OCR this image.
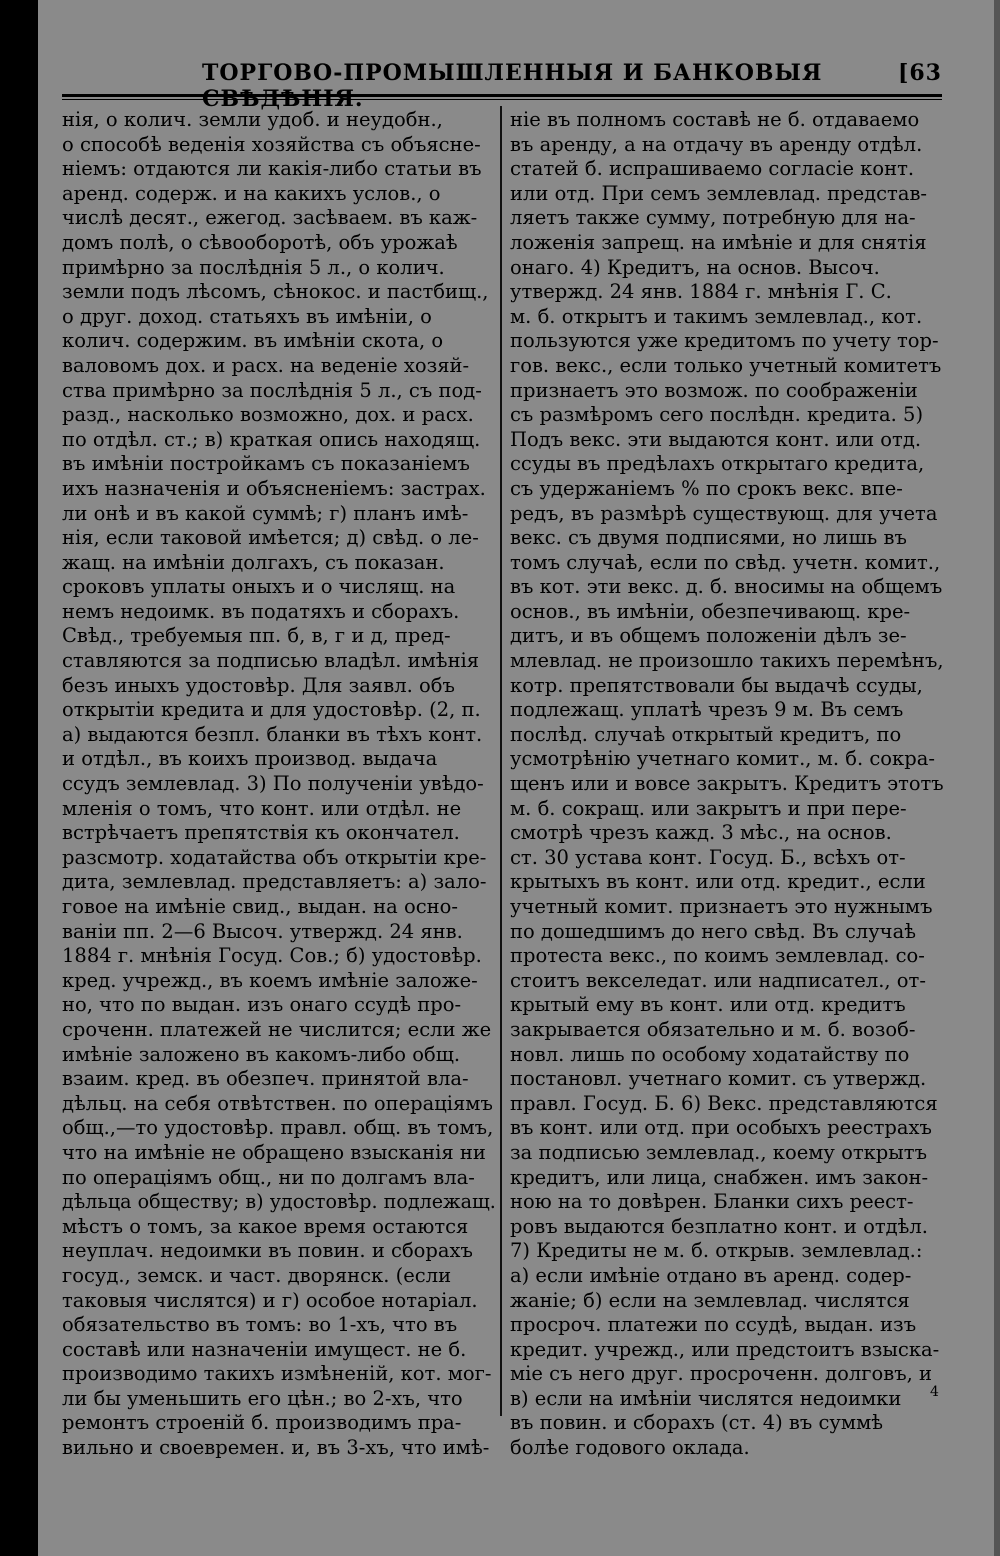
ТОРГОВО-ПРОМЫШЛЕННЫЯ И БАНКОВЫЯ СВѢДѢНІЯ.
[63
нія, о колич. земли удоб. и неудобн.,
о способѣ веденія хозяйства съ объясне-
ніемъ: отдаются ли какія-либо статьи въ
аренд. содерж. и на какихъ услов., о
числѣ десят., ежегод. засѣваем. въ каж-
домъ полѣ, о сѣвооборотѣ, объ урожаѣ
примѣрно за послѣднія 5 л., о колич.
земли подъ лѣсомъ, сѣнокос. и пастбищ.,
о друг. доход. статьяхъ въ имѣніи, о
колич. содержим. въ имѣніи скота, о
валовомъ дох. и расх. на веденіе хозяй-
ства примѣрно за послѣднія 5 л., съ под-
разд., насколько возможно, дох. и расх.
по отдѣл. ст.; в) краткая опись находящ.
въ имѣніи постройкамъ съ показаніемъ
ихъ назначенія и объясненіемъ: застрах.
ли онѣ и въ какой суммѣ; г) планъ имѣ-
нія, если таковой имѣется; д) свѣд. о ле-
жащ. на имѣніи долгахъ, съ показан.
сроковъ уплаты оныхъ и о числящ. на
немъ недоимк. въ податяхъ и сборахъ.
Свѣд., требуемыя пп. б, в, г и д, пред-
ставляются за подписью владѣл. имѣнія
безъ иныхъ удостовѣр. Для заявл. объ
открытіи кредита и для удостовѣр. (2, п.
а) выдаются безпл. бланки въ тѣхъ конт.
и отдѣл., въ коихъ производ. выдача
ссудъ землевлад. 3) По полученіи увѣдо-
мленія о томъ, что конт. или отдѣл. не
встрѣчаетъ препятствія къ окончател.
разсмотр. ходатайства объ открытіи кре-
дита, землевлад. представляетъ: а) зало-
говое на имѣніе свид., выдан. на осно-
ваніи пп. 2—6 Высоч. утвержд. 24 янв.
1884 г. мнѣнія Госуд. Сов.; б) удостовѣр.
кред. учрежд., въ коемъ имѣніе заложе-
но, что по выдан. изъ онаго ссудѣ про-
сроченн. платежей не числится; если же
имѣніе заложено въ какомъ-либо общ.
взаим. кред. въ обезпеч. принятой вла-
дѣльц. на себя отвѣтствен. по операціямъ
общ.,—то удостовѣр. правл. общ. въ томъ,
что на имѣніе не обращено взысканія ни
по операціямъ общ., ни по долгамъ вла-
дѣльца обществу; в) удостовѣр. подлежащ.
мѣстъ о томъ, за какое время остаются
неуплач. недоимки въ повин. и сборахъ
госуд., земск. и част. дворянск. (если
таковыя числятся) и г) особое нотаріал.
обязательство въ томъ: во 1-хъ, что въ
составѣ или назначеніи имущест. не б.
производимо такихъ измѣненій, кот. мог-
ли бы уменьшить его цѣн.; во 2-хъ, что
ремонтъ строеній б. производимъ пра-
вильно и своевремен. и, въ 3-хъ, что имѣ-
ніе въ полномъ составѣ не б. отдаваемо
въ аренду, а на отдачу въ аренду отдѣл.
статей б. испрашиваемо согласіе конт.
или отд. При семъ землевлад. представ-
ляетъ также сумму, потребную для на-
ложенія запрещ. на имѣніе и для снятія
онаго. 4) Кредитъ, на основ. Высоч.
утвержд. 24 янв. 1884 г. мнѣнія Г. С.
м. б. открытъ и такимъ землевлад., кот.
пользуются уже кредитомъ по учету тор-
гов. векс., если только учетный комитетъ
признаетъ это возмож. по соображеніи
съ размѣромъ сего послѣдн. кредита. 5)
Подъ векс. эти выдаются конт. или отд.
ссуды въ предѣлахъ открытаго кредита,
съ удержаніемъ % по срокъ векс. впе-
редъ, въ размѣрѣ существующ. для учета
векс. съ двумя подписями, но лишь въ
томъ случаѣ, если по свѣд. учетн. комит.,
въ кот. эти векс. д. б. вносимы на общемъ
основ., въ имѣніи, обезпечивающ. кре-
дитъ, и въ общемъ положеніи дѣлъ зе-
млевлад. не произошло такихъ перемѣнъ,
котр. препятствовали бы выдачѣ ссуды,
подлежащ. уплатѣ чрезъ 9 м. Въ семъ
послѣд. случаѣ открытый кредитъ, по
усмотрѣнію учетнаго комит., м. б. сокра-
щенъ или и вовсе закрытъ. Кредитъ этотъ
м. б. сокращ. или закрытъ и при пере-
смотрѣ чрезъ кажд. 3 мѣс., на основ.
ст. 30 устава конт. Госуд. Б., всѣхъ от-
крытыхъ въ конт. или отд. кредит., если
учетный комит. признаетъ это нужнымъ
по дошедшимъ до него свѣд. Въ случаѣ
протеста векс., по коимъ землевлад. со-
стоитъ векселедат. или надписател., от-
крытый ему въ конт. или отд. кредитъ
закрывается обязательно и м. б. возоб-
новл. лишь по особому ходатайству по
постановл. учетнаго комит. съ утвержд.
правл. Госуд. Б. 6) Векс. представляются
въ конт. или отд. при особыхъ реестрахъ
за подписью землевлад., коему открытъ
кредитъ, или лица, снабжен. имъ закон-
ною на то довѣрен. Бланки сихъ реест-
ровъ выдаются безплатно конт. и отдѣл.
7) Кредиты не м. б. открыв. землевлад.:
а) если имѣніе отдано въ аренд. содер-
жаніе; б) если на землевлад. числятся
просроч. платежи по ссудѣ, выдан. изъ
кредит. учрежд., или предстоитъ взыска-
міе съ него друг. просроченн. долговъ, и
в) если на имѣніи числятся недоимки
въ повин. и сборахъ (ст. 4) въ суммѣ
болѣе годового оклада.
4
